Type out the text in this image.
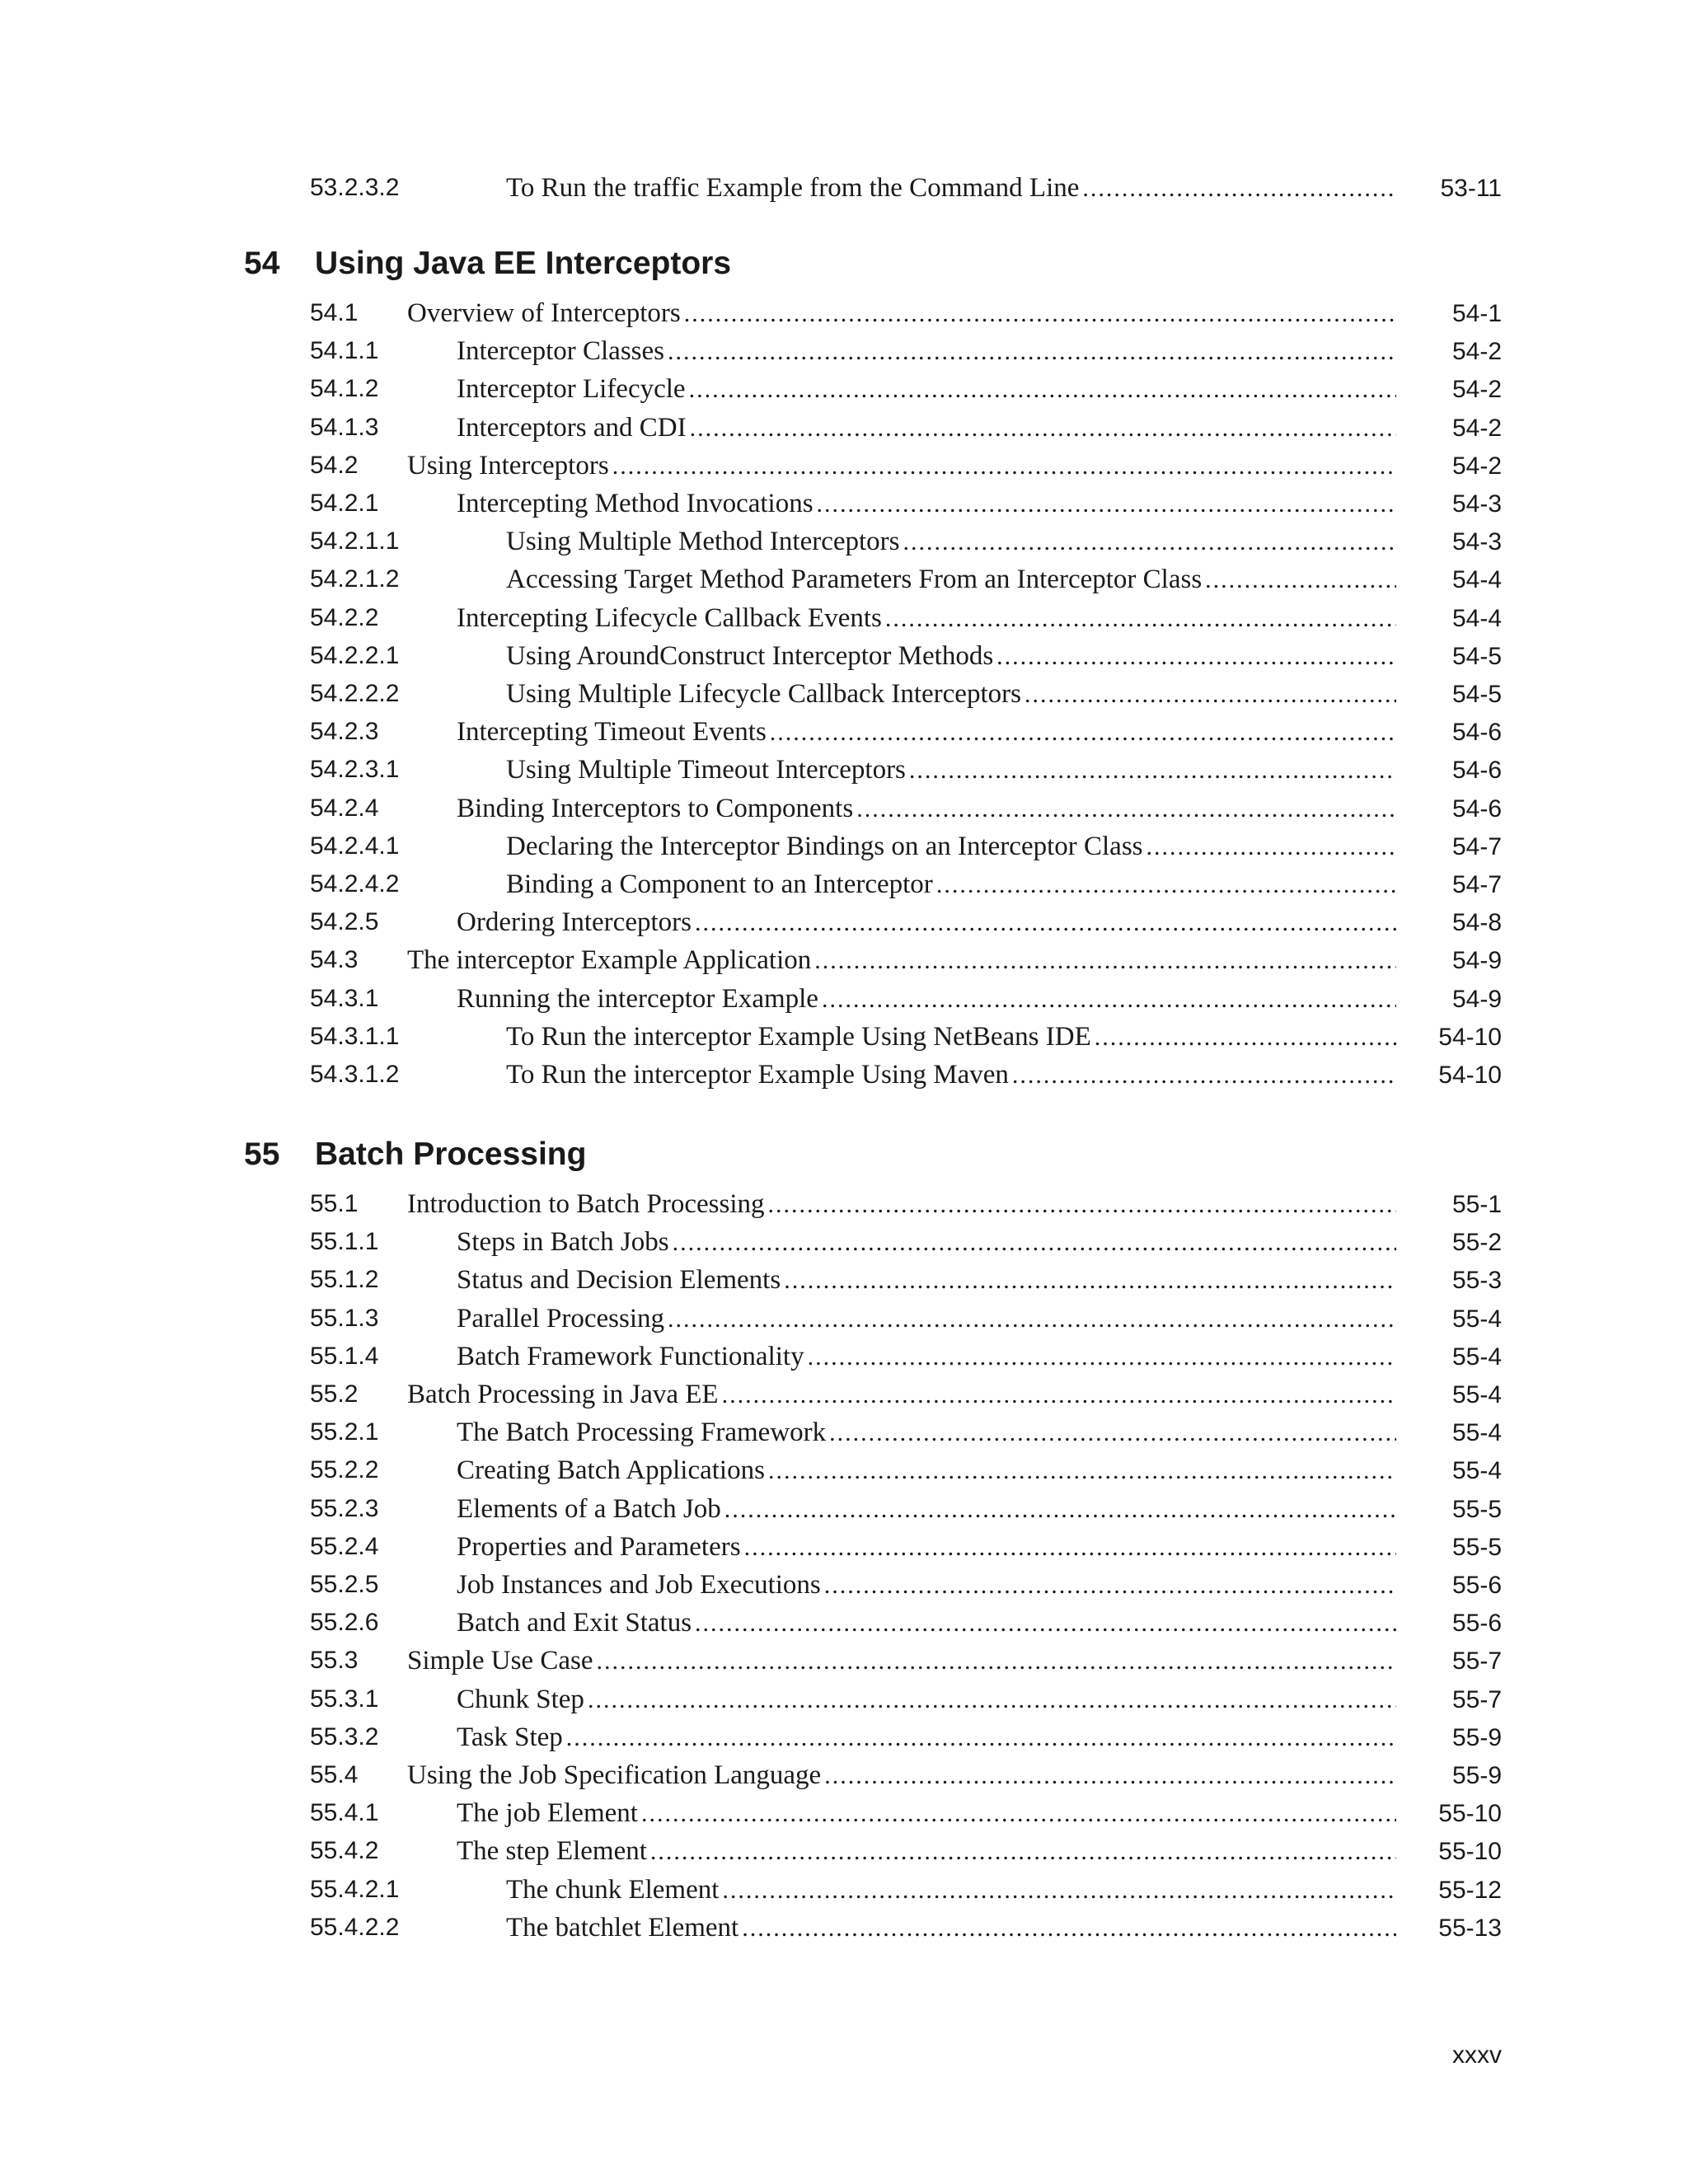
53.2.3.2	To Run the traffic Example from the Command Line .....	53-11
54 Using Java EE Interceptors
54.1 Overview of Interceptors .....	54-1
54.1.1	Interceptor Classes .....	54-2
54.1.2	Interceptor Lifecycle .....	54-2
54.1.3	Interceptors and CDI .....	54-2
54.2 Using Interceptors .....	54-2
54.2.1	Intercepting Method Invocations .....	54-3
54.2.1.1	Using Multiple Method Interceptors .....	54-3
54.2.1.2	Accessing Target Method Parameters From an Interceptor Class .....	54-4
54.2.2	Intercepting Lifecycle Callback Events .....	54-4
54.2.2.1	Using AroundConstruct Interceptor Methods .....	54-5
54.2.2.2	Using Multiple Lifecycle Callback Interceptors .....	54-5
54.2.3	Intercepting Timeout Events .....	54-6
54.2.3.1	Using Multiple Timeout Interceptors .....	54-6
54.2.4	Binding Interceptors to Components .....	54-6
54.2.4.1	Declaring the Interceptor Bindings on an Interceptor Class .....	54-7
54.2.4.2	Binding a Component to an Interceptor .....	54-7
54.2.5	Ordering Interceptors .....	54-8
54.3 The interceptor Example Application .....	54-9
54.3.1	Running the interceptor Example .....	54-9
54.3.1.1	To Run the interceptor Example Using NetBeans IDE .....	54-10
54.3.1.2	To Run the interceptor Example Using Maven .....	54-10
55 Batch Processing
55.1 Introduction to Batch Processing .....	55-1
55.1.1	Steps in Batch Jobs .....	55-2
55.1.2	Status and Decision Elements .....	55-3
55.1.3	Parallel Processing .....	55-4
55.1.4	Batch Framework Functionality .....	55-4
55.2 Batch Processing in Java EE .....	55-4
55.2.1	The Batch Processing Framework .....	55-4
55.2.2	Creating Batch Applications .....	55-4
55.2.3	Elements of a Batch Job .....	55-5
55.2.4	Properties and Parameters .....	55-5
55.2.5	Job Instances and Job Executions .....	55-6
55.2.6	Batch and Exit Status .....	55-6
55.3 Simple Use Case .....	55-7
55.3.1	Chunk Step .....	55-7
55.3.2	Task Step .....	55-9
55.4 Using the Job Specification Language .....	55-9
55.4.1	The job Element .....	55-10
55.4.2	The step Element .....	55-10
55.4.2.1	The chunk Element .....	55-12
55.4.2.2	The batchlet Element .....	55-13
xxxv
